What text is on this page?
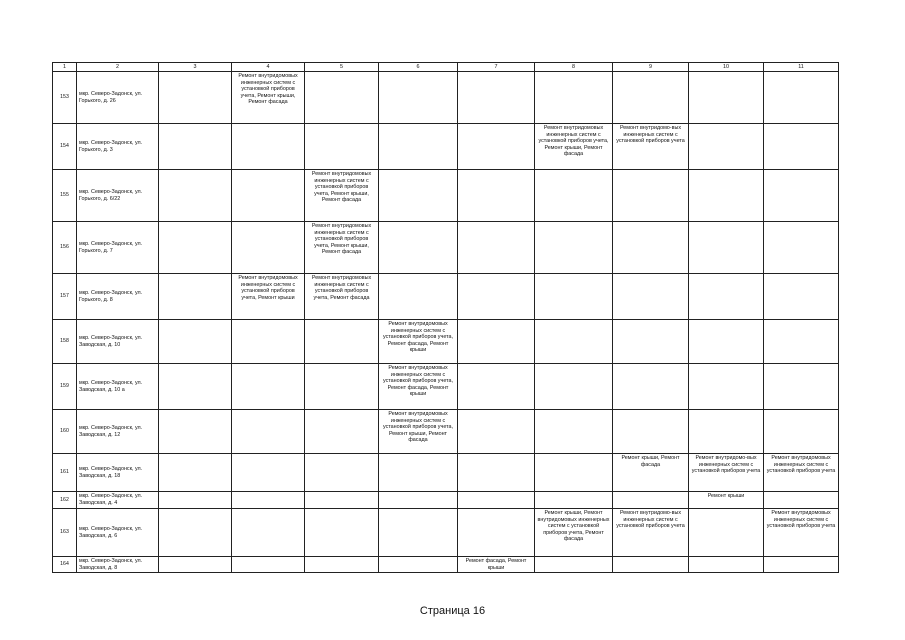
1	2	3	4	5	6	7	8	9	10	11
153	мкр. Северо-Задонск, ул. Горького, д. 26		Ремонт внутридомовых инженерных систем с установкой приборов учета, Ремонт крыши, Ремонт фасада							
154	мкр. Северо-Задонск, ул. Горького, д. 3						Ремонт внутридомовых инженерных систем с установкой приборов учета, Ремонт крыши, Ремонт фасада	Ремонт внутридомо-вых инженерных систем с установкой приборов учета		
155	мкр. Северо-Задонск, ул. Горького, д. 6/22			Ремонт внутридомовых инженерных систем с установкой приборов учета, Ремонт крыши, Ремонт фасада						
156	мкр. Северо-Задонск, ул. Горького, д. 7			Ремонт внутридомовых инженерных систем с установкой приборов учета, Ремонт крыши, Ремонт фасада						
157	мкр. Северо-Задонск, ул. Горького, д. 8		Ремонт внутридомовых инженерных систем с установкой приборов учета, Ремонт крыши	Ремонт внутридомовых инженерных систем с установкой приборов учета, Ремонт фасада						
158	мкр. Северо-Задонск, ул. Заводская, д. 10				Ремонт внутридомовых инженерных систем с установкой приборов учета, Ремонт фасада, Ремонт крыши					
159	мкр. Северо-Задонск, ул. Заводская, д. 10 а				Ремонт внутридомовых инженерных систем с установкой приборов учета, Ремонт фасада, Ремонт крыши					
160	мкр. Северо-Задонск, ул. Заводская, д. 12				Ремонт внутридомовых инженерных систем с установкой приборов учета, Ремонт крыши, Ремонт фасада					
161	мкр. Северо-Задонск, ул. Заводская, д. 18							Ремонт крыши, Ремонт фасада	Ремонт внутридомо-вых инженерных систем с установкой приборов учета	Ремонт внутридомовых инженерных систем с установкой приборов учета
162	мкр. Северо-Задонск, ул. Заводская, д. 4								Ремонт крыши	
163	мкр. Северо-Задонск, ул. Заводская, д. 6						Ремонт крыши, Ремонт внутридомовых инженерных систем с установкой приборов учета, Ремонт фасада	Ремонт внутридомо-вых инженерных систем с установкой приборов учета		Ремонт внутридомовых инженерных систем с установкой приборов учета
164	мкр. Северо-Задонск, ул. Заводская, д. 8					Ремонт фасада, Ремонт крыши				
Страница 16
